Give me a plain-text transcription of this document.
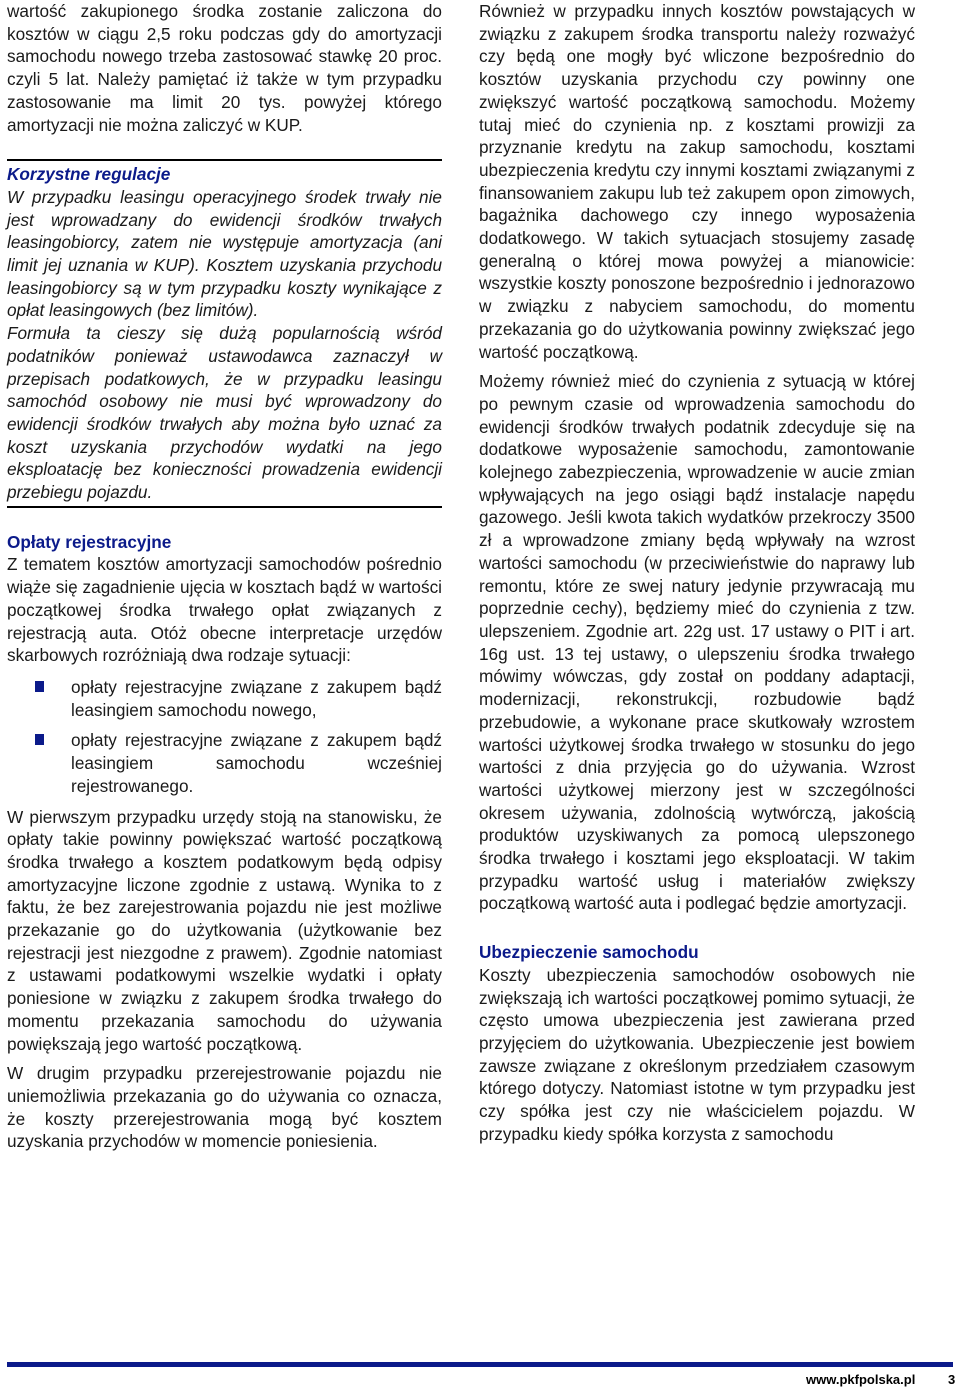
wartość zakupionego środka zostanie zaliczona do kosztów w ciągu 2,5 roku podczas gdy do amortyzacji samochodu nowego trzeba zastosować stawkę 20 proc. czyli 5 lat. Należy pamiętać iż także w tym przypadku zastosowanie ma limit 20 tys. powyżej którego amortyzacji nie można zaliczyć w KUP.

Korzystne regulacje

W przypadku leasingu operacyjnego środek trwały nie jest wprowadzany do ewidencji środków trwałych leasingobiorcy, zatem nie występuje amortyzacja (ani limit jej uznania w KUP). Kosztem uzyskania przychodu leasingobiorcy są w tym przypadku koszty wynikające z opłat leasingowych (bez limitów).

Formuła ta cieszy się dużą popularnością wśród podatników ponieważ ustawodawca zaznaczył w przepisach podatkowych, że w przypadku leasingu samochód osobowy nie musi być wprowadzony do ewidencji środków trwałych aby można było uznać za koszt uzyskania przychodów wydatki na jego eksploatację bez konieczności prowadzenia ewidencji przebiegu pojazdu.

Opłaty rejestracyjne

Z tematem kosztów amortyzacji samochodów pośrednio wiąże się zagadnienie ujęcia w kosztach bądź w wartości początkowej środka trwałego opłat związanych z rejestracją auta. Otóż obecne interpretacje urzędów skarbowych rozróżniają dwa rodzaje sytuacji:

opłaty rejestracyjne związane z zakupem bądź leasingiem samochodu nowego,
opłaty rejestracyjne związane z zakupem bądź leasingiem samochodu wcześniej rejestrowanego.

W pierwszym przypadku urzędy stoją na stanowisku, że opłaty takie powinny powiększać wartość początkową środka trwałego a kosztem podatkowym będą odpisy amortyzacyjne liczone zgodnie z ustawą. Wynika to z faktu, że bez zarejestrowania pojazdu nie jest możliwe przekazanie go do użytkowania (użytkowanie bez rejestracji jest niezgodne z prawem). Zgodnie natomiast z ustawami podatkowymi wszelkie wydatki i opłaty poniesione w związku z zakupem środka trwałego do momentu przekazania samochodu do używania powiększają jego wartość początkową.

W drugim przypadku przerejestrowanie pojazdu nie uniemożliwia przekazania go do używania co oznacza, że koszty przerejestrowania mogą być kosztem uzyskania przychodów w momencie poniesienia.

Również w przypadku innych kosztów powstających w związku z zakupem środka transportu należy rozważyć czy będą one mogły być wliczone bezpośrednio do kosztów uzyskania przychodu czy powinny one zwiększyć wartość początkową samochodu. Możemy tutaj mieć do czynienia np. z kosztami prowizji za przyznanie kredytu na zakup samochodu, kosztami ubezpieczenia kredytu czy innymi kosztami związanymi z finansowaniem zakupu lub też zakupem opon zimowych, bagażnika dachowego czy innego wyposażenia dodatkowego. W takich sytuacjach stosujemy zasadę generalną o której mowa powyżej a mianowicie: wszystkie koszty ponoszone bezpośrednio i jednorazowo w związku z nabyciem samochodu, do momentu przekazania go do użytkowania powinny zwiększać jego wartość początkową.

Możemy również mieć do czynienia z sytuacją w której po pewnym czasie od wprowadzenia samochodu do ewidencji środków trwałych podatnik zdecyduje się na dodatkowe wyposażenie samochodu, zamontowanie kolejnego zabezpieczenia, wprowadzenie w aucie zmian wpływających na jego osiągi bądź instalacje napędu gazowego. Jeśli kwota takich wydatków przekroczy 3500 zł a wprowadzone zmiany będą wpływały na wzrost wartości samochodu (w przeciwieństwie do naprawy lub remontu, które ze swej natury jedynie przywracają mu poprzednie cechy), będziemy mieć do czynienia z tzw. ulepszeniem. Zgodnie art. 22g ust. 17 ustawy o PIT i art. 16g ust. 13 tej ustawy, o ulepszeniu środka trwałego mówimy wówczas, gdy został on poddany adaptacji, modernizacji, rekonstrukcji, rozbudowie bądź przebudowie, a wykonane prace skutkowały wzrostem wartości użytkowej środka trwałego w stosunku do jego wartości z dnia przyjęcia go do używania. Wzrost wartości użytkowej mierzony jest w szczególności okresem używania, zdolnością wytwórczą, jakością produktów uzyskiwanych za pomocą ulepszonego środka trwałego i kosztami jego eksploatacji. W takim przypadku wartość usług i materiałów zwiększy początkową wartość auta i podlegać będzie amortyzacji.

Ubezpieczenie samochodu

Koszty ubezpieczenia samochodów osobowych nie zwiększają ich wartości początkowej pomimo sytuacji, że często umowa ubezpieczenia jest zawierana przed przyjęciem do użytkowania. Ubezpieczenie jest bowiem zawsze związane z określonym przedziałem czasowym którego dotyczy. Natomiast istotne w tym przypadku jest czy spółka jest czy nie właścicielem pojazdu. W przypadku kiedy spółka korzysta z samochodu

www.pkfpolska.pl	3
